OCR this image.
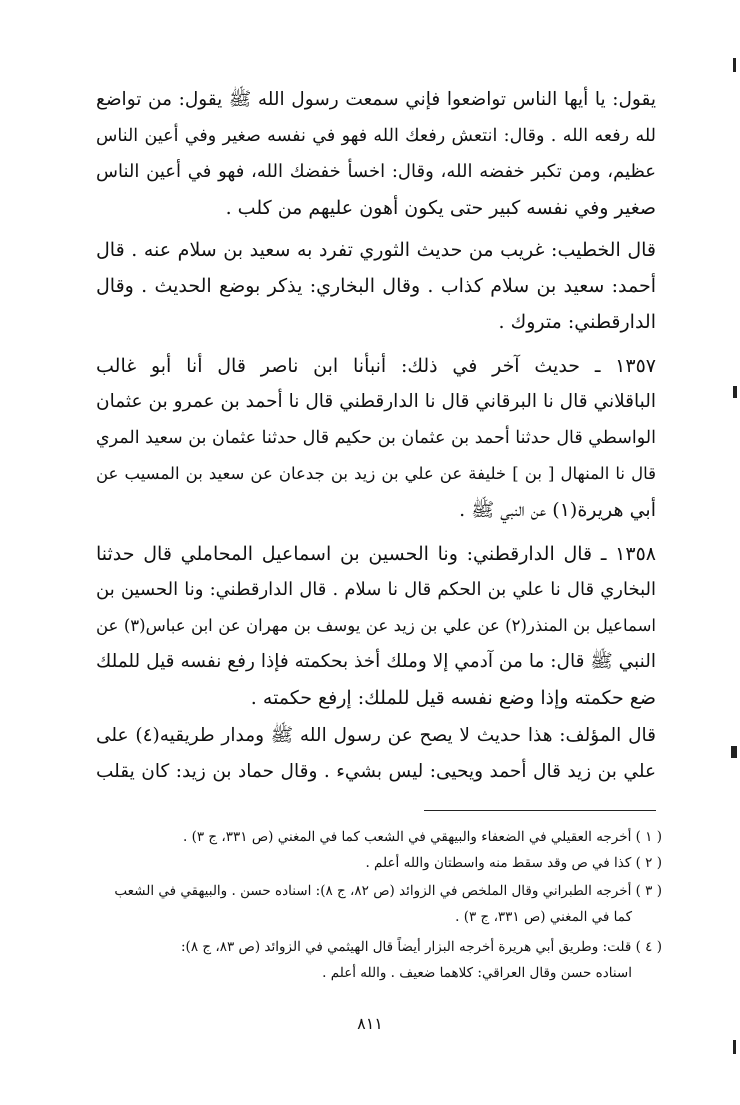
يقول: يا أيها الناس تواضعوا فإني سمعت رسول الله ﷺ يقول: من تواضع
لله رفعه الله . وقال: انتعش رفعك الله فهو في نفسه صغير وفي أعين الناس
عظيم، ومن تكبر خفضه الله، وقال: اخسأ خفضك الله، فهو في أعين الناس
صغير وفي نفسه كبير حتى يكون أهون عليهم من كلب .
قال الخطيب: غريب من حديث الثوري تفرد به سعيد بن سلام عنه . قال
أحمد: سعيد بن سلام كذاب . وقال البخاري: يذكر بوضع الحديث . وقال
الدارقطني: متروك .
١٣٥٧ ـ حديث آخر في ذلك: أنبأنا ابن ناصر قال أنا أبو غالب
الباقلاني قال نا البرقاني قال نا الدارقطني قال نا أحمد بن عمرو بن عثمان
الواسطي قال حدثنا أحمد بن عثمان بن حكيم قال حدثنا عثمان بن سعيد المري
قال نا المنهال [ بن ] خليفة عن علي بن زيد بن جدعان عن سعيد بن المسيب عن
أبي هريرة(١) عن النبي ﷺ .
١٣٥٨ ـ قال الدارقطني: ونا الحسين بن اسماعيل المحاملي قال حدثنا
البخاري قال نا علي بن الحكم قال نا سلام . قال الدارقطني: ونا الحسين بن
اسماعيل بن المنذر(٢) عن علي بن زيد عن يوسف بن مهران عن ابن عباس(٣) عن
النبي ﷺ قال: ما من آدمي إلا وملك أخذ بحكمته فإذا رفع نفسه قيل للملك
ضع حكمته وإذا وضع نفسه قيل للملك: إرفع حكمته .
قال المؤلف: هذا حديث لا يصح عن رسول الله ﷺ ومدار طريقيه(٤) على
علي بن زيد قال أحمد ويحيى: ليس بشيء . وقال حماد بن زيد: كان يقلب
( ١ ) أخرجه العقيلي في الضعفاء والبيهقي في الشعب كما في المغني (ص ٣٣١، ج ٣) .
( ٢ ) كذا في ص وقد سقط منه واسطتان والله أعلم .
( ٣ ) أخرجه الطبراني وقال الملخص في الزوائد (ص ٨٢، ج ٨): اسناده حسن . والبيهقي في الشعب
كما في المغني (ص ٣٣١، ج ٣) .
( ٤ ) قلت: وطريق أبي هريرة أخرجه البزار أيضاً قال الهيثمي في الزوائد (ص ٨٣، ج ٨):
اسناده حسن وقال العراقي: كلاهما ضعيف . والله أعلم .
٨١١
